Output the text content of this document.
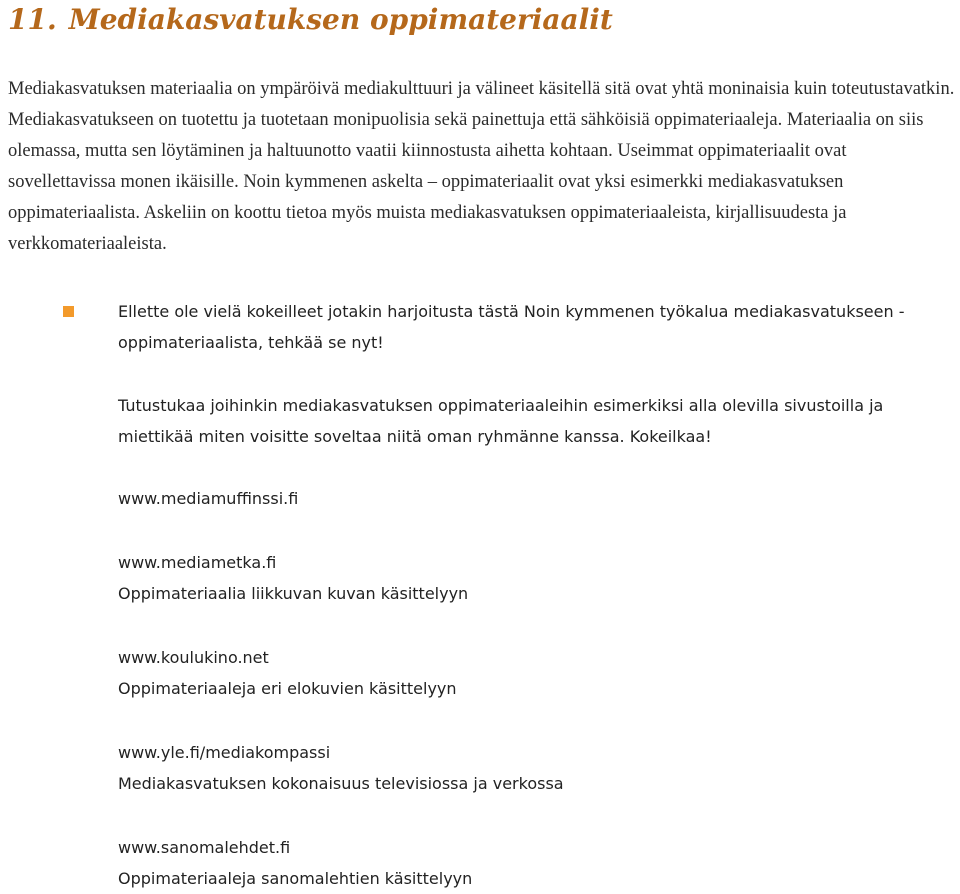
11. Mediakasvatuksen oppimateriaalit

Mediakasvatuksen materiaalia on ympäröivä mediakulttuuri ja välineet käsitellä sitä ovat yhtä moninaisia kuin toteutustavatkin. Mediakasvatukseen on tuotettu ja tuotetaan monipuolisia sekä painettuja että sähköisiä oppimateriaaleja. Materiaalia on siis olemassa, mutta sen löytäminen ja haltuunotto vaatii kiinnostusta aihetta kohtaan. Useimmat oppimateriaalit ovat sovellettavissa monen ikäisille. Noin kymmenen askelta – oppimateriaalit ovat yksi esimerkki mediakasvatuksen oppimateriaalista. Askeliin on koottu tietoa myös muista mediakasvatuksen oppimateriaaleista, kirjallisuudesta ja verkkomateriaaleista.

Ellette ole vielä kokeilleet jotakin harjoitusta tästä Noin kymmenen työkalua mediakasvatukseen - oppimateriaalista, tehkää se nyt!

Tutustukaa joihinkin mediakasvatuksen oppimateriaaleihin esimerkiksi alla olevilla sivustoilla ja miettikää miten voisitte soveltaa niitä oman ryhmänne kanssa. Kokeilkaa!

www.mediamuffinssi.fi
www.mediametka.fi
Oppimateriaalia liikkuvan kuvan käsittelyyn
www.koulukino.net
Oppimateriaaleja eri elokuvien käsittelyyn
www.yle.fi/mediakompassi
Mediakasvatuksen kokonaisuus televisiossa ja verkossa
www.sanomalehdet.fi
Oppimateriaaleja sanomalehtien käsittelyyn
